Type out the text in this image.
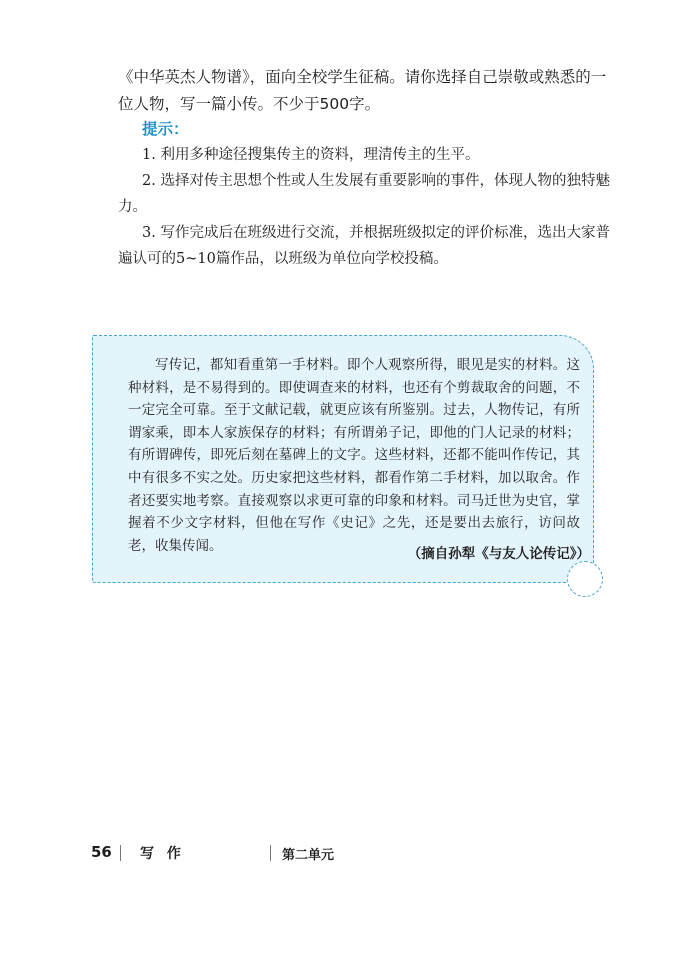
《中华英杰人物谱》，面向全校学生征稿。请你选择自己崇敬或熟悉的一位人物，写一篇小传。不少于500字。

提示：

1. 利用多种途径搜集传主的资料，理清传主的生平。

2. 选择对传主思想个性或人生发展有重要影响的事件，体现人物的独特魅力。

3. 写作完成后在班级进行交流，并根据班级拟定的评价标准，选出大家普遍认可的5~10篇作品，以班级为单位向学校投稿。

写传记，都知看重第一手材料。即个人观察所得，眼见是实的材料。这种材料，是不易得到的。即使调查来的材料，也还有个剪裁取舍的问题，不一定完全可靠。至于文献记载，就更应该有所鉴别。过去，人物传记，有所谓家乘，即本人家族保存的材料；有所谓弟子记，即他的门人记录的材料；有所谓碑传，即死后刻在墓碑上的文字。这些材料，还都不能叫作传记，其中有很多不实之处。历史家把这些材料，都看作第二手材料，加以取舍。作者还要实地考察。直接观察以求更可靠的印象和材料。司马迁世为史官，掌握着不少文字材料，但他在写作《史记》之先，还是要出去旅行，访问故老，收集传闻。

（摘自孙犁《与友人论传记》）

56 写 作	第二单元
